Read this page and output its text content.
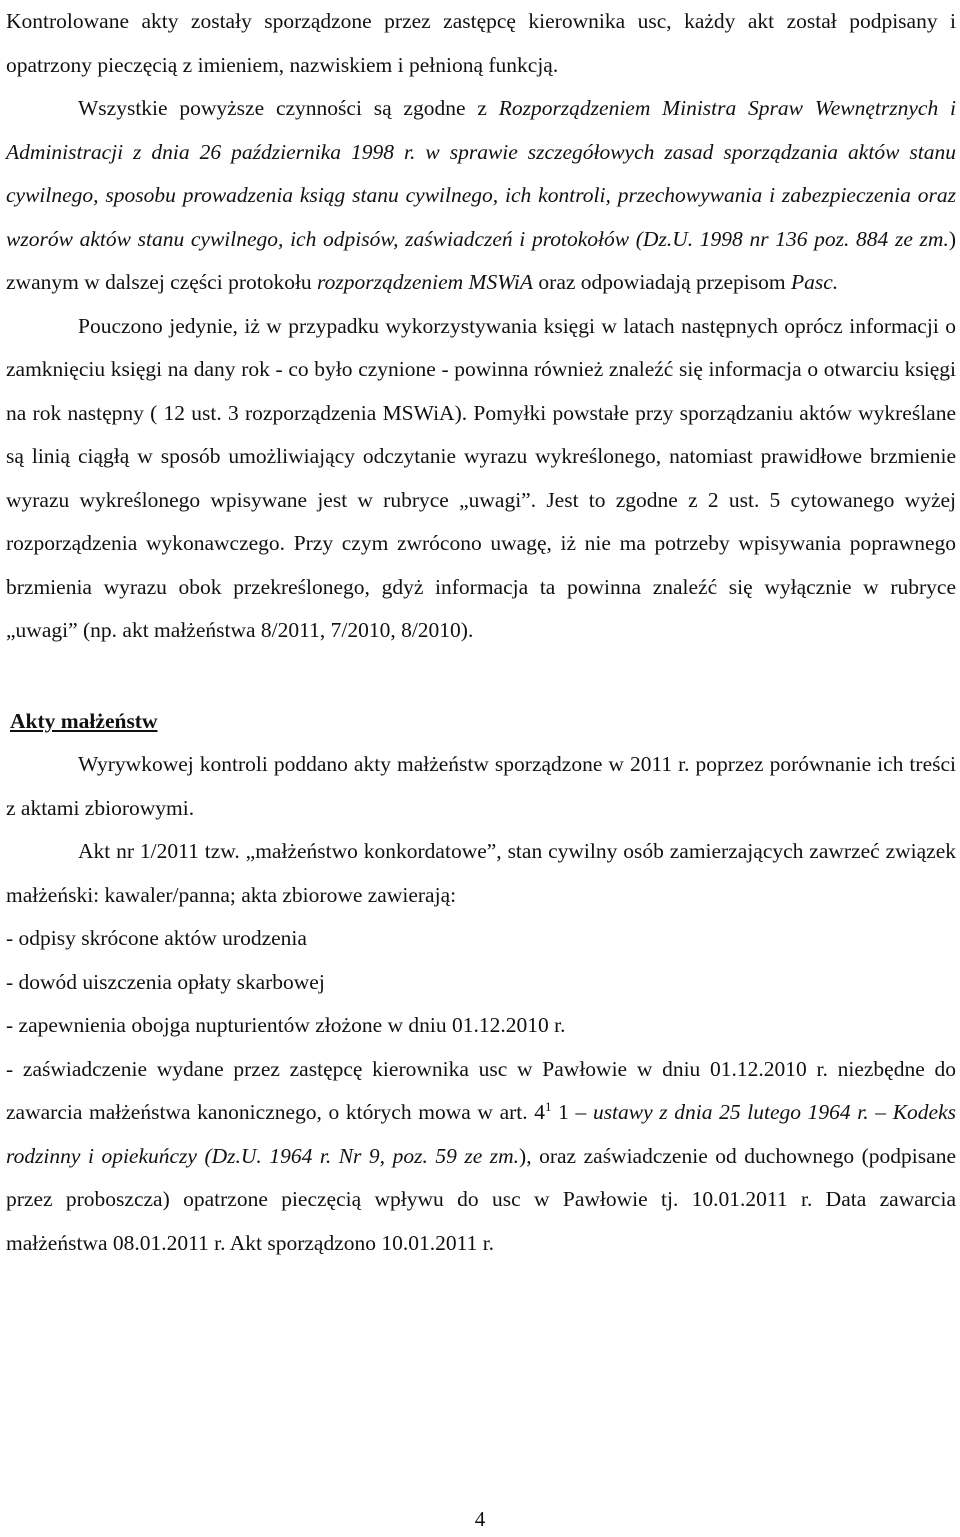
Kontrolowane akty zostały sporządzone przez zastępcę kierownika usc, każdy akt został podpisany i opatrzony pieczęcią z imieniem, nazwiskiem i pełnioną funkcją.

Wszystkie powyższe czynności są zgodne z Rozporządzeniem Ministra Spraw Wewnętrznych i Administracji z dnia 26 października 1998 r. w sprawie szczegółowych zasad sporządzania aktów stanu cywilnego, sposobu prowadzenia ksiąg stanu cywilnego, ich kontroli, przechowywania i zabezpieczenia oraz wzorów aktów stanu cywilnego, ich odpisów, zaświadczeń i protokołów (Dz.U. 1998 nr 136 poz. 884 ze zm.) zwanym w dalszej części protokołu rozporządzeniem MSWiA oraz odpowiadają przepisom Pasc.

Pouczono jedynie, iż w przypadku wykorzystywania księgi w latach następnych oprócz informacji o zamknięciu księgi na dany rok - co było czynione - powinna również znaleźć się informacja o otwarciu księgi na rok następny ( 12 ust. 3 rozporządzenia MSWiA). Pomyłki powstałe przy sporządzaniu aktów wykreślane są linią ciągłą w sposób umożliwiający odczytanie wyrazu wykreślonego, natomiast prawidłowe brzmienie wyrazu wykreślonego wpisywane jest w rubryce „uwagi”. Jest to zgodne z 2 ust. 5 cytowanego wyżej rozporządzenia wykonawczego. Przy czym zwrócono uwagę, iż nie ma potrzeby wpisywania poprawnego brzmienia wyrazu obok przekreślonego, gdyż informacja ta powinna znaleźć się wyłącznie w rubryce „uwagi” (np. akt małżeństwa 8/2011, 7/2010, 8/2010).

Akty małżeństw

Wyrywkowej kontroli poddano akty małżeństw sporządzone w 2011 r. poprzez porównanie ich treści z aktami zbiorowymi.

Akt nr 1/2011 tzw. „małżeństwo konkordatowe”, stan cywilny osób zamierzających zawrzeć związek małżeński: kawaler/panna; akta zbiorowe zawierają:

- odpisy skrócone aktów urodzenia

- dowód uiszczenia opłaty skarbowej

- zapewnienia obojga nupturientów złożone w dniu 01.12.2010 r.

- zaświadczenie wydane przez zastępcę kierownika usc w Pawłowie w dniu 01.12.2010 r. niezbędne do zawarcia małżeństwa kanonicznego, o których mowa w art. $4^1$ 1 – ustawy z dnia 25 lutego 1964 r. – Kodeks rodzinny i opiekuńczy (Dz.U. 1964 r. Nr 9, poz. 59 ze zm.), oraz zaświadczenie od duchownego (podpisane przez proboszcza) opatrzone pieczęcią wpływu do usc w Pawłowie tj. 10.01.2011 r. Data zawarcia małżeństwa 08.01.2011 r. Akt sporządzono 10.01.2011 r.

4
